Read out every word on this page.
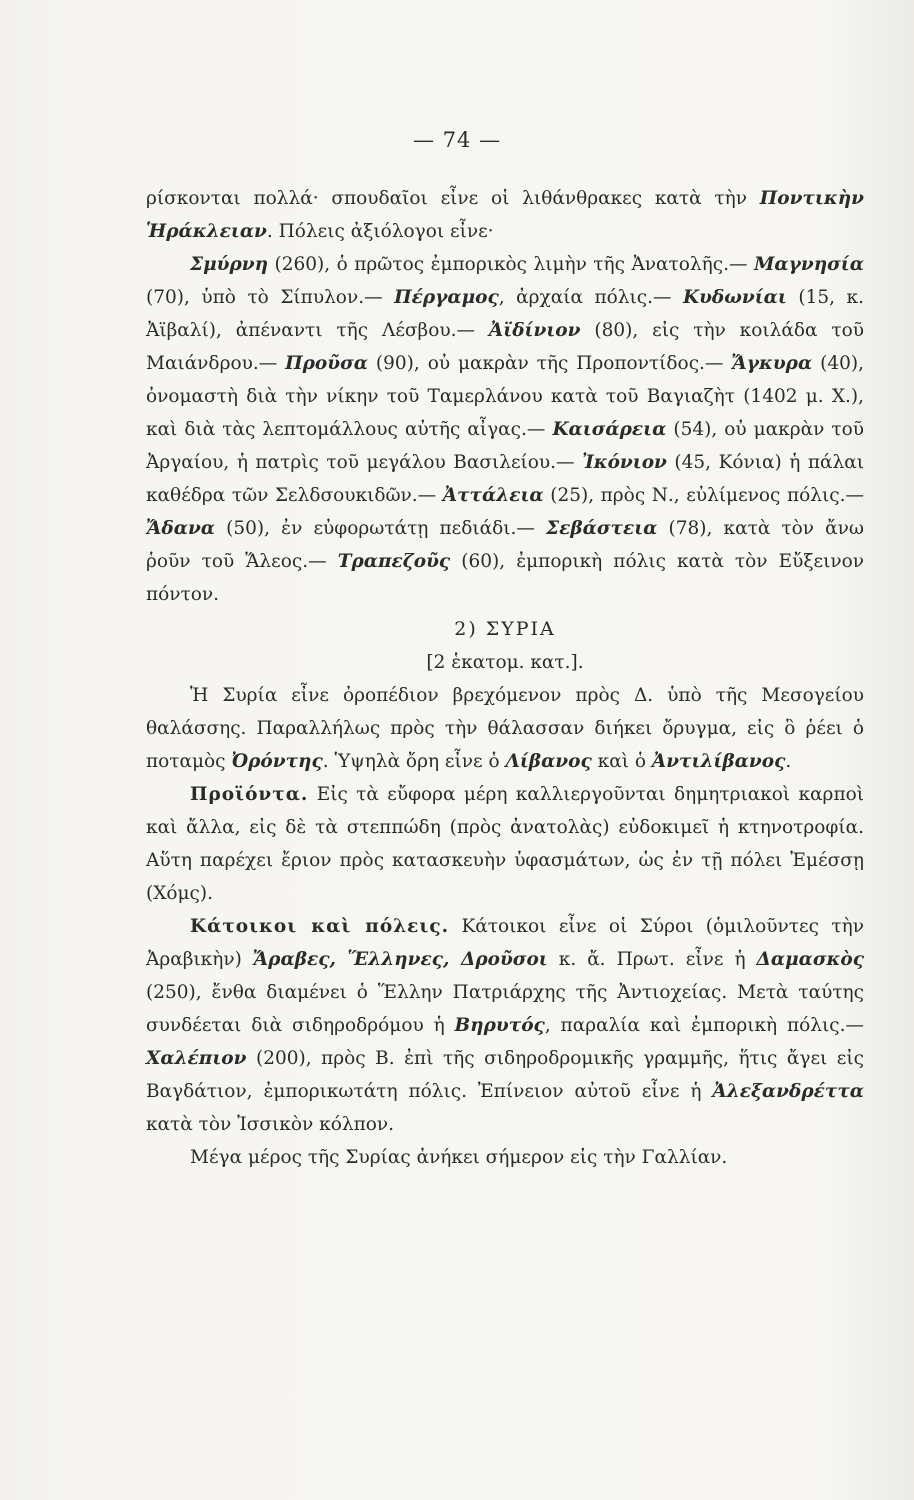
— 74 —

ρίσκονται πολλά· σπουδαῖοι εἶνε οἱ λιθάνθρακες κατὰ τὴν Ποντικὴν Ἡράκλειαν. Πόλεις ἀξιόλογοι εἶνε·
Σμύρνη (260), ὁ πρῶτος ἐμπορικὸς λιμὴν τῆς Ἀνατολῆς.— Μαγνησία (70), ὑπὸ τὸ Σίπυλον.— Πέργαμος, ἀρχαία πόλις.— Κυδωνίαι (15, κ. Ἀϊβαλί), ἀπέναντι τῆς Λέσβου.— Ἀϊδίνιον (80), εἰς τὴν κοιλάδα τοῦ Μαιάνδρου.— Προῦσα (90), οὐ μακρὰν τῆς Προποντίδος.— Ἄγκυρα (40), ὀνομαστὴ διὰ τὴν νίκην τοῦ Ταμερλάνου κατὰ τοῦ Βαγιαζὴτ (1402 μ. Χ.), καὶ διὰ τὰς λεπτομάλλους αὐτῆς αἶγας.— Καισάρεια (54), οὐ μακρὰν τοῦ Ἀργαίου, ἡ πατρὶς τοῦ μεγάλου Βασιλείου.— Ἰκόνιον (45, Κόνια) ἡ πάλαι καθέδρα τῶν Σελδσουκιδῶν.— Ἀττάλεια (25), πρὸς Ν., εὐλίμενος πόλις.— Ἄδανα (50), ἐν εὐφορωτάτῃ πεδιάδι.— Σεβάστεια (78), κατὰ τὸν ἄνω ῥοῦν τοῦ Ἅλεος.— Τραπεζοῦς (60), ἐμπορικὴ πόλις κατὰ τὸν Εὔξεινον πόντον.

2) ΣΥΡΙΑ

[2 ἑκατομ. κατ.].

Ἡ Συρία εἶνε ὀροπέδιον βρεχόμενον πρὸς Δ. ὑπὸ τῆς Μεσογείου θαλάσσης. Παραλλήλως πρὸς τὴν θάλασσαν διήκει ὄρυγμα, εἰς ὃ ῥέει ὁ ποταμὸς Ὀρόντης. Ὑψηλὰ ὄρη εἶνε ὁ Λίβανος καὶ ὁ Ἀντιλίβανος.

Προϊόντα. Εἰς τὰ εὔφορα μέρη καλλιεργοῦνται δημητριακοὶ καρποὶ καὶ ἄλλα, εἰς δὲ τὰ στεππώδη (πρὸς ἀνατολὰς) εὐδοκιμεῖ ἡ κτηνοτροφία. Αὕτη παρέχει ἔριον πρὸς κατασκευὴν ὑφασμάτων, ὡς ἐν τῇ πόλει Ἐμέσσῃ (Χόμς).

Κάτοικοι καὶ πόλεις. Κάτοικοι εἶνε οἱ Σύροι (ὁμιλοῦντες τὴν Ἀραβικὴν) Ἄραβες, Ἕλληνες, Δροῦσοι κ. ἄ. Πρωτ. εἶνε ἡ Δαμασκὸς (250), ἔνθα διαμένει ὁ Ἕλλην Πατριάρχης τῆς Ἀντιοχείας. Μετὰ ταύτης συνδέεται διὰ σιδηροδρόμου ἡ Βηρυτός, παραλία καὶ ἐμπορικὴ πόλις.— Χαλέπιον (200), πρὸς Β. ἐπὶ τῆς σιδηροδρομικῆς γραμμῆς, ἥτις ἄγει εἰς Βαγδάτιον, ἐμπορικωτάτη πόλις. Ἐπίνειον αὐτοῦ εἶνε ἡ Ἀλεξανδρέττα κατὰ τὸν Ἰσσικὸν κόλπον.

Μέγα μέρος τῆς Συρίας ἀνήκει σήμερον εἰς τὴν Γαλλίαν.
